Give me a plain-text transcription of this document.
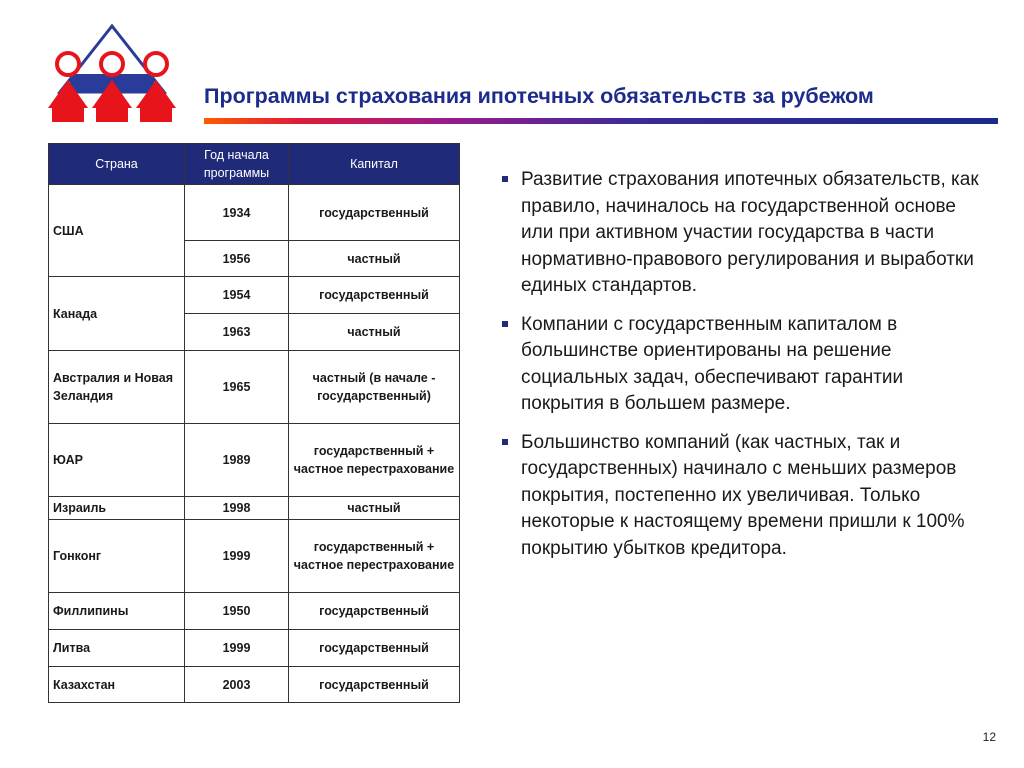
Программы страхования ипотечных обязательств за рубежом
Страна	Год начала программы	Капитал
США	1934	государственный
	1956	частный
Канада	1954	государственный
	1963	частный
Австралия и Новая Зеландия	1965	частный (в начале - государственный)
ЮАР	1989	государственный + частное перестрахование
Израиль	1998	частный
Гонконг	1999	государственный + частное перестрахование
Филлипины	1950	государственный
Литва	1999	государственный
Казахстан	2003	государственный
Развитие страхования ипотечных обязательств, как правило, начиналось на государственной основе или при активном участии государства в части нормативно-правового регулирования и выработки единых стандартов.
Компании с государственным капиталом в большинстве ориентированы на решение социальных задач, обеспечивают гарантии покрытия в большем размере.
Большинство компаний (как частных, так и государственных) начинало с меньших размеров покрытия, постепенно их увеличивая. Только некоторые к настоящему времени пришли к 100% покрытию убытков кредитора.
12
